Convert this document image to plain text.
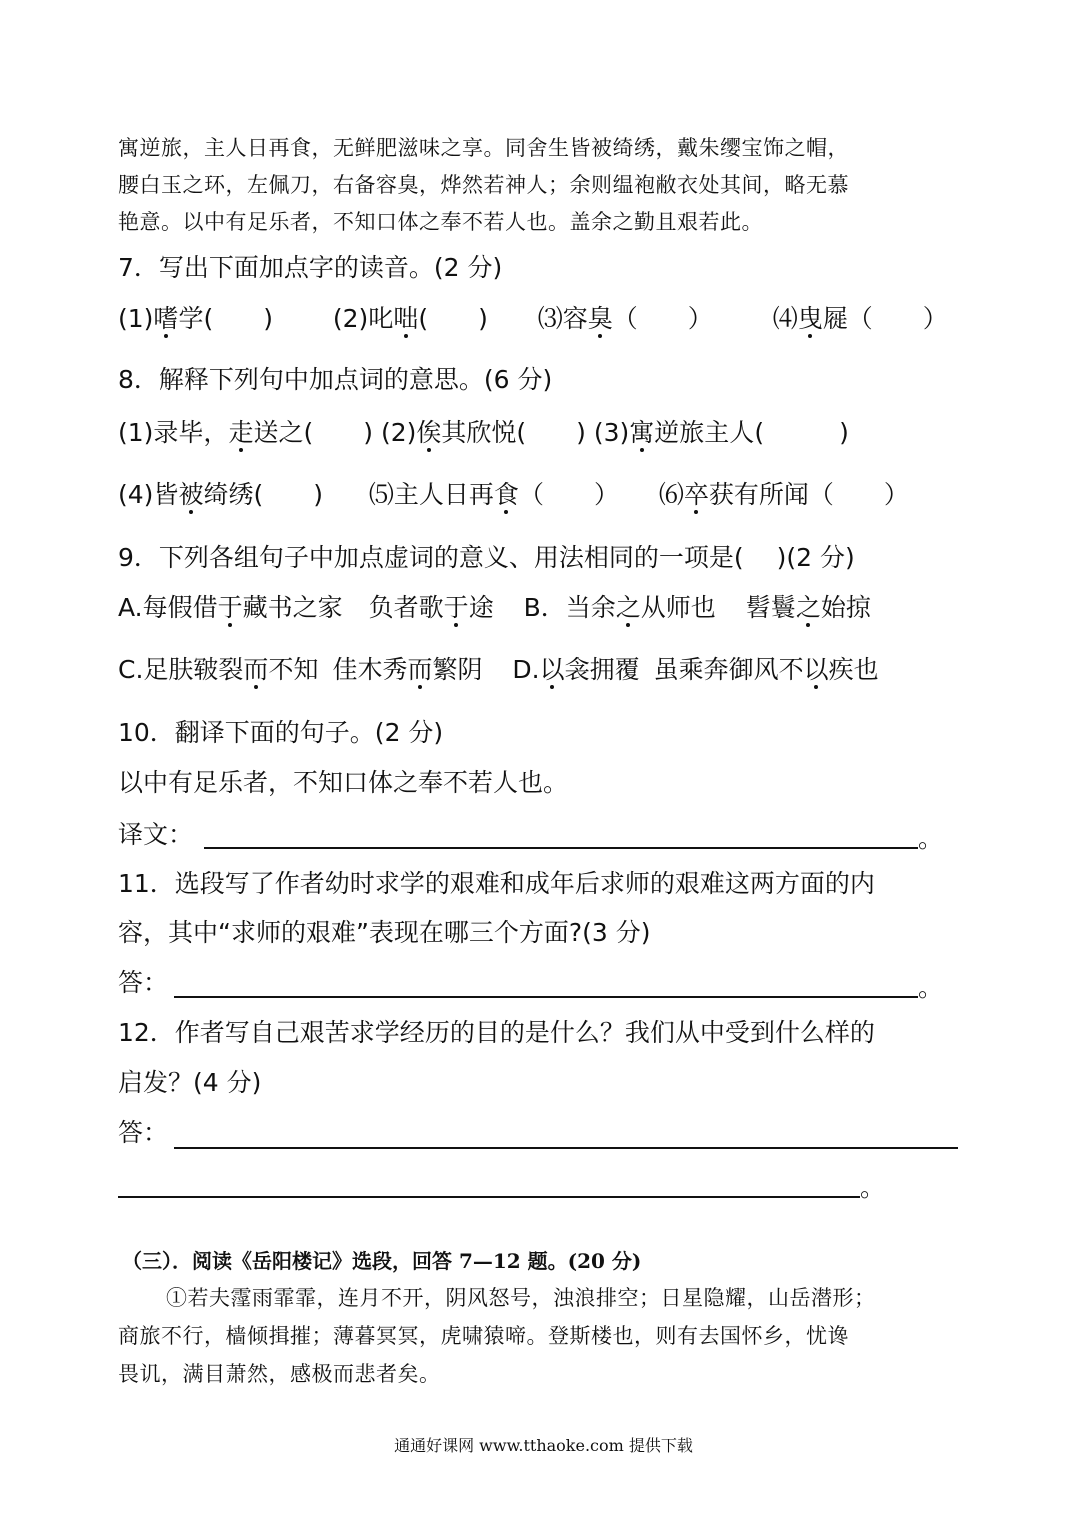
寓逆旅，主人日再食，无鲜肥滋味之享。同舍生皆被绮绣，戴朱缨宝饰之帽，
腰白玉之环，左佩刀，右备容臭，烨然若神人；余则缊袍敝衣处其间，略无慕
艳意。以中有足乐者，不知口体之奉不若人也。盖余之勤且艰若此。
7．写出下面加点字的读音。(2 分)
(1)嗜学(　　) (2)叱咄(　　) ⑶容臭（　　） ⑷曳屣（　　）
8．解释下列句中加点词的意思。(6 分)
(1)录毕，走送之(　　) (2)俟其欣悦(　　) (3)寓逆旅主人(　　　)
(4)皆被绮绣(　　) ⑸主人日再食（　　） ⑹卒获有所闻（　　）
9．下列各组句子中加点虚词的意义、用法相同的一项是(　 )(2 分)
A.每假借于藏书之家 负者歌于途 B．当余之从师也 髫鬟之始掠
C.足肤皲裂而不知 佳木秀而繁阴 D.以衾拥覆 虽乘奔御风不以疾也
10．翻译下面的句子。(2 分)
以中有足乐者，不知口体之奉不若人也。
译文：	。
11．选段写了作者幼时求学的艰难和成年后求师的艰难这两方面的内
容，其中“求师的艰难”表现在哪三个方面?(3 分)
答：	。
12．作者写自己艰苦求学经历的目的是什么？我们从中受到什么样的
启发？(4 分)
答：
。
（三）．阅读《岳阳楼记》选段，回答 7—12 题。(20 分)
①若夫霪雨霏霏，连月不开，阴风怒号，浊浪排空；日星隐耀，山岳潜形；
商旅不行，樯倾揖摧；薄暮冥冥，虎啸猿啼。登斯楼也，则有去国怀乡，忧谗
畏讥，满目萧然，感极而悲者矣。
通通好课网 www.tthaoke.com 提供下载
